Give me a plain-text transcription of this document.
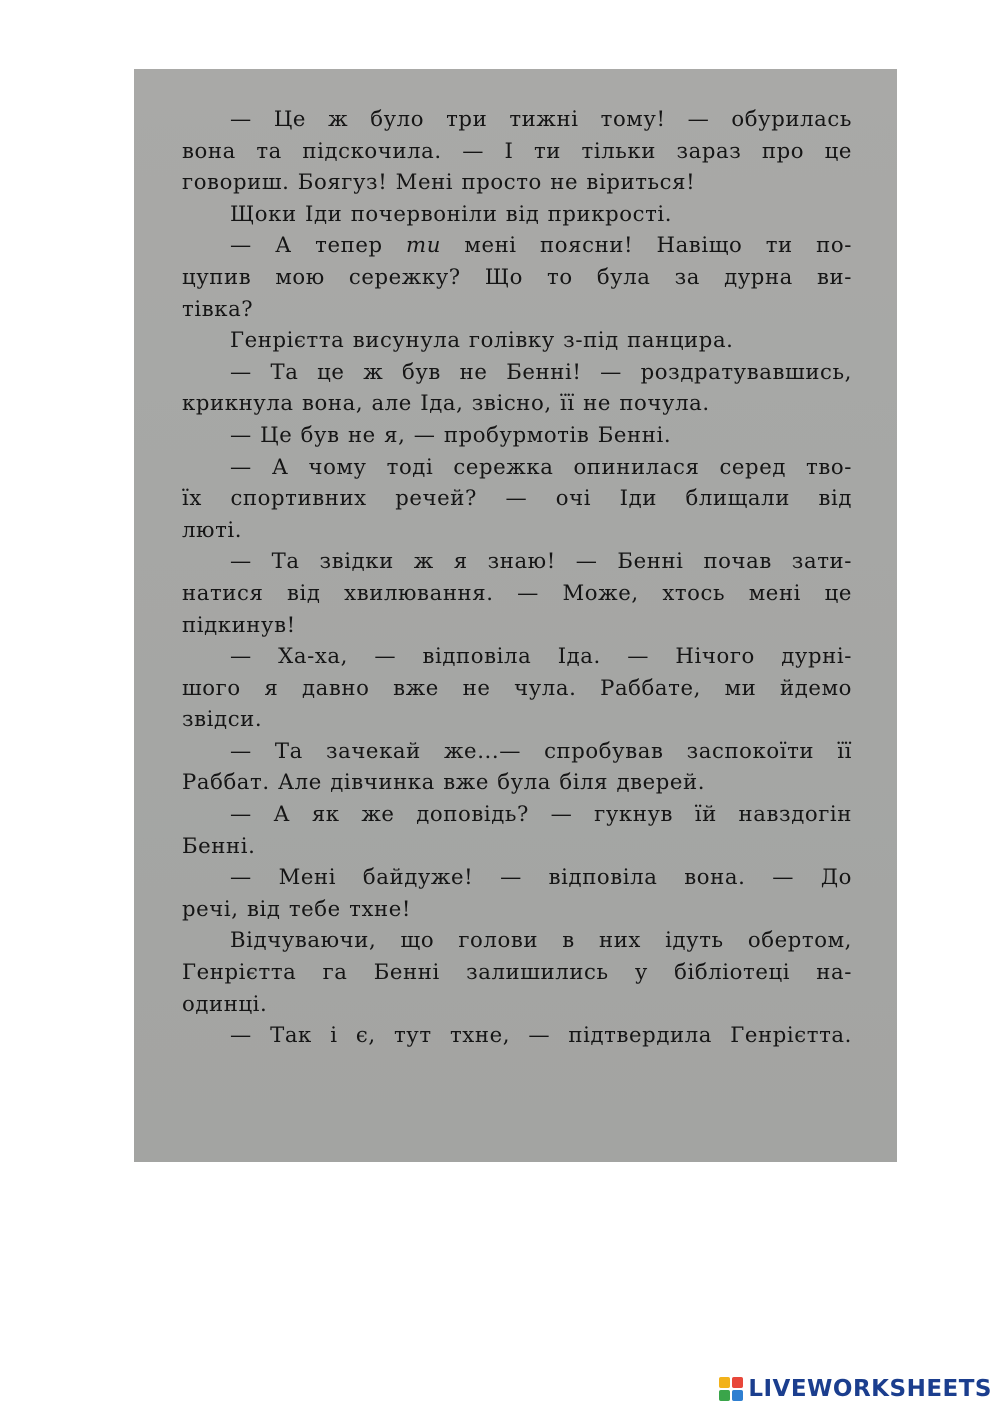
— Це ж було три тижні тому! — обурилась
вона та підскочила. — І ти тільки зараз про це
говориш. Боягуз! Мені просто не віриться!
Щоки Іди почервоніли від прикрості.
— А тепер ти мені поясни! Навіщо ти по-
цупив мою сережку? Що то була за дурна ви-
тівка?
Генрієтта висунула голівку з-під панцира.
— Та це ж був не Бенні! — роздратувавшись,
крикнула вона, але Іда, звісно, її не почула.
— Це був не я, — пробурмотів Бенні.
— А чому тоді сережка опинилася серед тво-
їх спортивних речей? — очі Іди блищали від
люті.
— Та звідки ж я знаю! — Бенні почав зати-
натися від хвилювання. — Може, хтось мені це
підкинув!
— Ха-ха, — відповіла Іда. — Нічого дурні-
шого я давно вже не чула. Раббате, ми йдемо
звідси.
— Та зачекай же...— спробував заспокоїти її
Раббат. Але дівчинка вже була біля дверей.
— А як же доповідь? — гукнув їй навздогін
Бенні.
— Мені байдуже! — відповіла вона. — До
речі, від тебе тхне!
Відчуваючи, що голови в них ідуть обертом,
Генрієтта га Бенні залишились у бібліотеці на-
одинці.
— Так і є, тут тхне, — підтвердила Генрієтта.
LIVEWORKSHEETS
